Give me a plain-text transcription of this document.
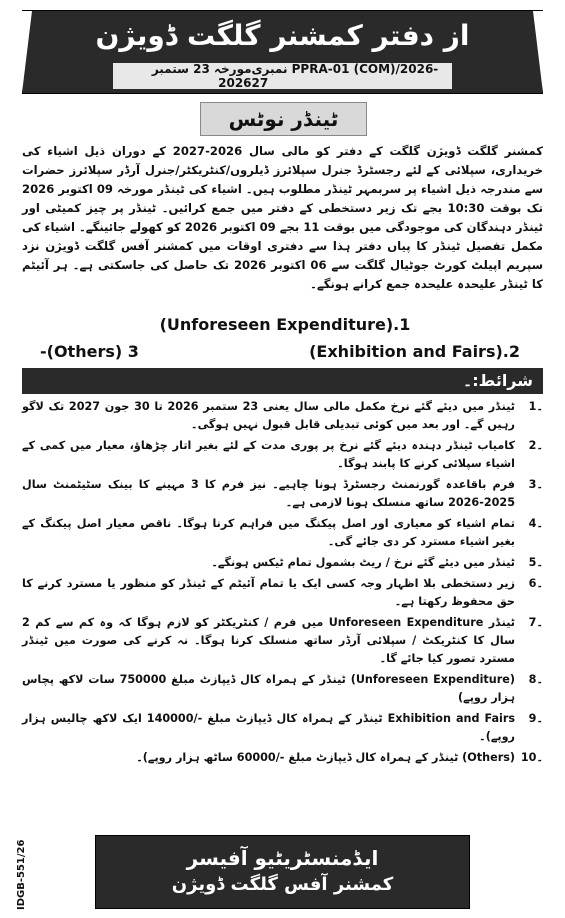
از دفتر کمشنر گلگت ڈویژن
مورخہ 23 ستمبر 2026
نمبری PPRA-01 (COM)/2026-27
ٹینڈر نوٹس
کمشنر گلگت ڈویژن گلگت کے دفتر کو مالی سال 2026-2027 کے دوران ذیل اشیاء کی خریداری، سپلائی کے لئے رجسٹرڈ جنرل سپلائرز ڈیلروں/کنٹریکٹر/جنرل آرڈر سپلائرز حضرات سے مندرجہ ذیل اشیاء پر سربمہر ٹینڈر مطلوب ہیں۔ اشیاء کی ٹینڈر مورخہ 09 اکتوبر 2026 تک بوقت 10:30 بجے تک زیر دستخطی کے دفتر میں جمع کرائیں۔ ٹینڈر پر چیز کمیٹی اور ٹینڈر دہندگان کی موجودگی میں بوقت 11 بجے 09 اکتوبر 2026 کو کھولے جائینگے۔ اشیاء کی مکمل تفصیل ٹینڈر کا پیاں دفتر ہذا سے دفتری اوقات میں کمشنر آفس گلگت ڈویژن نزد سپریم اپیلٹ کورٹ جوٹیال گلگت سے 06 اکتوبر 2026 تک حاصل کی جاسکتی ہے۔ ہر آئیٹم کا ٹینڈر علیحدہ علیحدہ جمع کرانے ہونگے۔
(Unforeseen Expenditure).1
-(Others) 3	(Exhibition and Fairs).2
شرائط:۔
۔1
ٹینڈر میں دیئے گئے نرخ مکمل مالی سال یعنی 23 ستمبر 2026 تا 30 جون 2027 تک لاگو رہیں گے۔ اور بعد میں کوئی تبدیلی قابل قبول نہیں ہوگی۔
۔2
کامیاب ٹینڈر دہندہ دیئے گئے نرخ پر پوری مدت کے لئے بغیر اتار چڑھاؤ، معیار میں کمی کے اشیاء سپلائی کرنے کا پابند ہوگا۔
۔3
فرم باقاعدہ گورنمنٹ رجسٹرڈ ہونا چاہیے۔ نیز فرم کا 3 مہینے کا بینک سٹیٹمنٹ سال 2025-2026 ساتھ منسلک ہونا لازمی ہے۔
۔4
تمام اشیاء کو معیاری اور اصل پیکنگ میں فراہم کرنا ہوگا۔ ناقص معیار اصل پیکنگ کے بغیر اشیاء مسترد کر دی جائے گی۔
۔5
ٹینڈر میں دیئے گئے نرخ / ریٹ بشمول تمام ٹیکس ہونگے۔
۔6
زیر دستخطی بلا اظہار وجہ کسی ایک یا تمام آئیٹم کے ٹینڈر کو منظور یا مسترد کرنے کا حق محفوظ رکھتا ہے۔
۔7
ٹینڈر Unforeseen Expenditure میں فرم / کنٹریکٹر کو لازم ہوگا کہ وہ کم سے کم 2 سال کا کنٹریکٹ / سپلائی آرڈر ساتھ منسلک کرنا ہوگا۔ نہ کرنے کی صورت میں ٹینڈر مسترد تصور کیا جائے گا۔
۔8
(Unforeseen Expenditure) ٹینڈر کے ہمراہ کال ڈیپازٹ مبلغ 750000 سات لاکھ پچاس ہزار روپے)
۔9
Exhibition and Fairs ٹینڈر کے ہمراہ کال ڈیپازٹ مبلغ -/140000 ایک لاکھ چالیس ہزار روپے)۔
۔10
(Others) ٹینڈر کے ہمراہ کال ڈیپازٹ مبلغ -/60000 ساٹھ ہزار روپے)۔
IDGB-551/26	ایڈمنسٹریٹیو آفیسر
کمشنر آفس گلگت ڈویژن
